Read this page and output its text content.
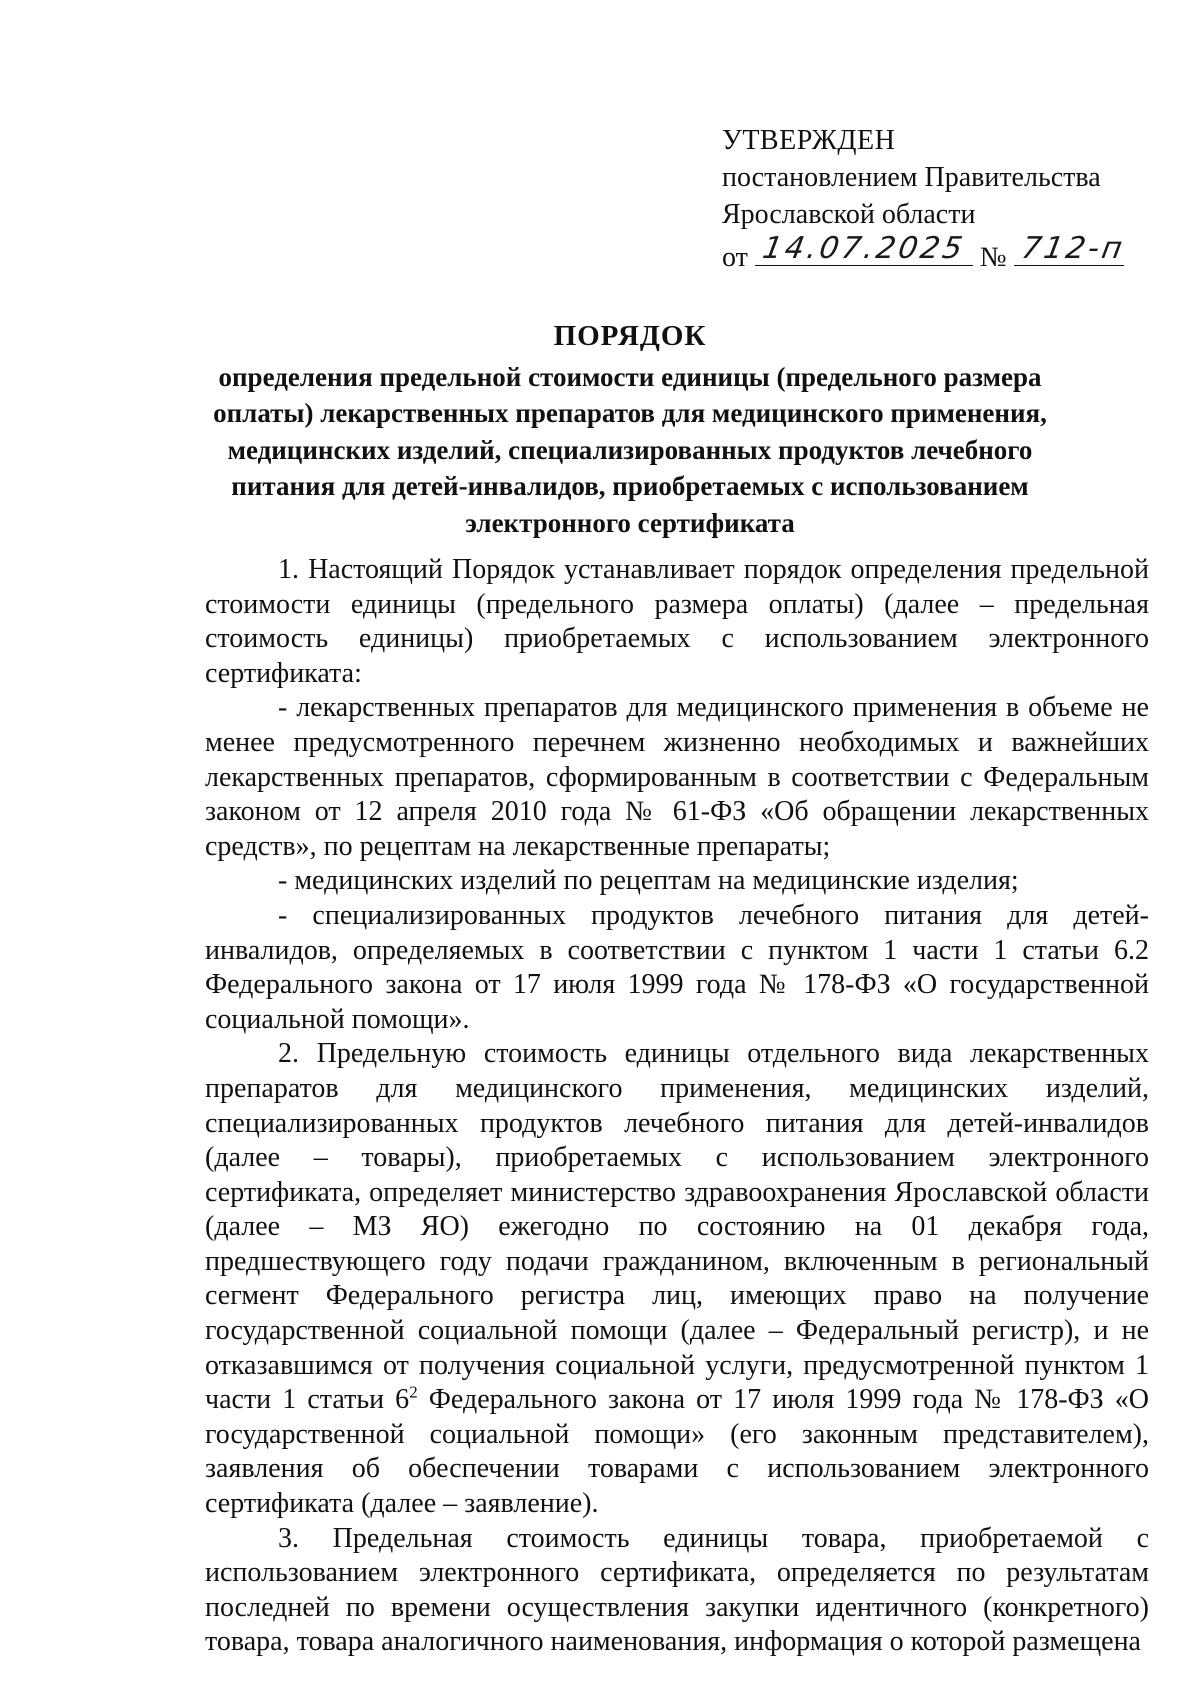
УТВЕРЖДЕН
постановлением Правительства
Ярославской области
от 14.07.2025 № 712-п
ПОРЯДОК
определения предельной стоимости единицы (предельного размера
оплаты) лекарственных препаратов для медицинского применения,
медицинских изделий, специализированных продуктов лечебного
питания для детей-инвалидов, приобретаемых с использованием
электронного сертификата

1. Настоящий Порядок устанавливает порядок определения предельной стоимости единицы (предельного размера оплаты) (далее – предельная стоимость единицы) приобретаемых с использованием электронного сертификата:

- лекарственных препаратов для медицинского применения в объеме не менее предусмотренного перечнем жизненно необходимых и важнейших лекарственных препаратов, сформированным в соответствии с Федеральным законом от 12 апреля 2010 года № 61-ФЗ «Об обращении лекарственных средств», по рецептам на лекарственные препараты;

- медицинских изделий по рецептам на медицинские изделия;

- специализированных продуктов лечебного питания для детей-инвалидов, определяемых в соответствии с пунктом 1 части 1 статьи 6.2 Федерального закона от 17 июля 1999 года № 178-ФЗ «О государственной социальной помощи».

2. Предельную стоимость единицы отдельного вида лекарственных препаратов для медицинского применения, медицинских изделий, специализированных продуктов лечебного питания для детей-инвалидов (далее – товары), приобретаемых с использованием электронного сертификата, определяет министерство здравоохранения Ярославской области (далее – МЗ ЯО) ежегодно по состоянию на 01 декабря года, предшествующего году подачи гражданином, включенным в региональный сегмент Федерального регистра лиц, имеющих право на получение государственной социальной помощи (далее – Федеральный регистр), и не отказавшимся от получения социальной услуги, предусмотренной пунктом 1 части 1 статьи $6^2$ Федерального закона от 17 июля 1999 года № 178-ФЗ «О государственной социальной помощи» (его законным представителем), заявления об обеспечении товарами с использованием электронного сертификата (далее – заявление).

3. Предельная стоимость единицы товара, приобретаемой с использованием электронного сертификата, определяется по результатам последней по времени осуществления закупки идентичного (конкретного) товара, товара аналогичного наименования, информация о которой размещена
